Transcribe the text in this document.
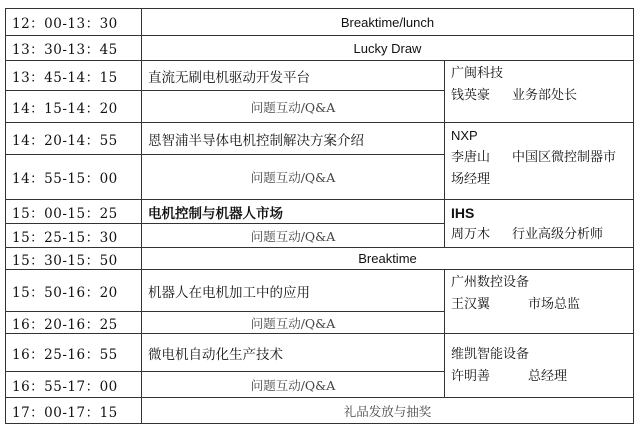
12：00-13：30	Breaktime/lunch	
13：30-13：45	Lucky Draw	
13：45-14：15	直流无刷电机驱动开发平台	广闽科技
钱英豪 业务部处长

14：15-14：20	问题互动/Q&A	
14：20-14：55	恩智浦半导体电机控制解决方案介绍	NXP
李唐山 中国区微控制器市
场经理

14：55-15：00	问题互动/Q&A	
15：00-15：25	电机控制与机器人市场	IHS
周万木 行业高级分析师

15：25-15：30	问题互动/Q&A	
15：30-15：50	Breaktime	
15：50-16：20	机器人在电机加工中的应用	广州数控设备
王汉翼 市场总监

16：20-16：25	问题互动/Q&A	
16：25-16：55	微电机自动化生产技术	维凯智能设备
许明善 总经理

16：55-17：00	问题互动/Q&A	
17：00-17：15	礼品发放与抽奖	
